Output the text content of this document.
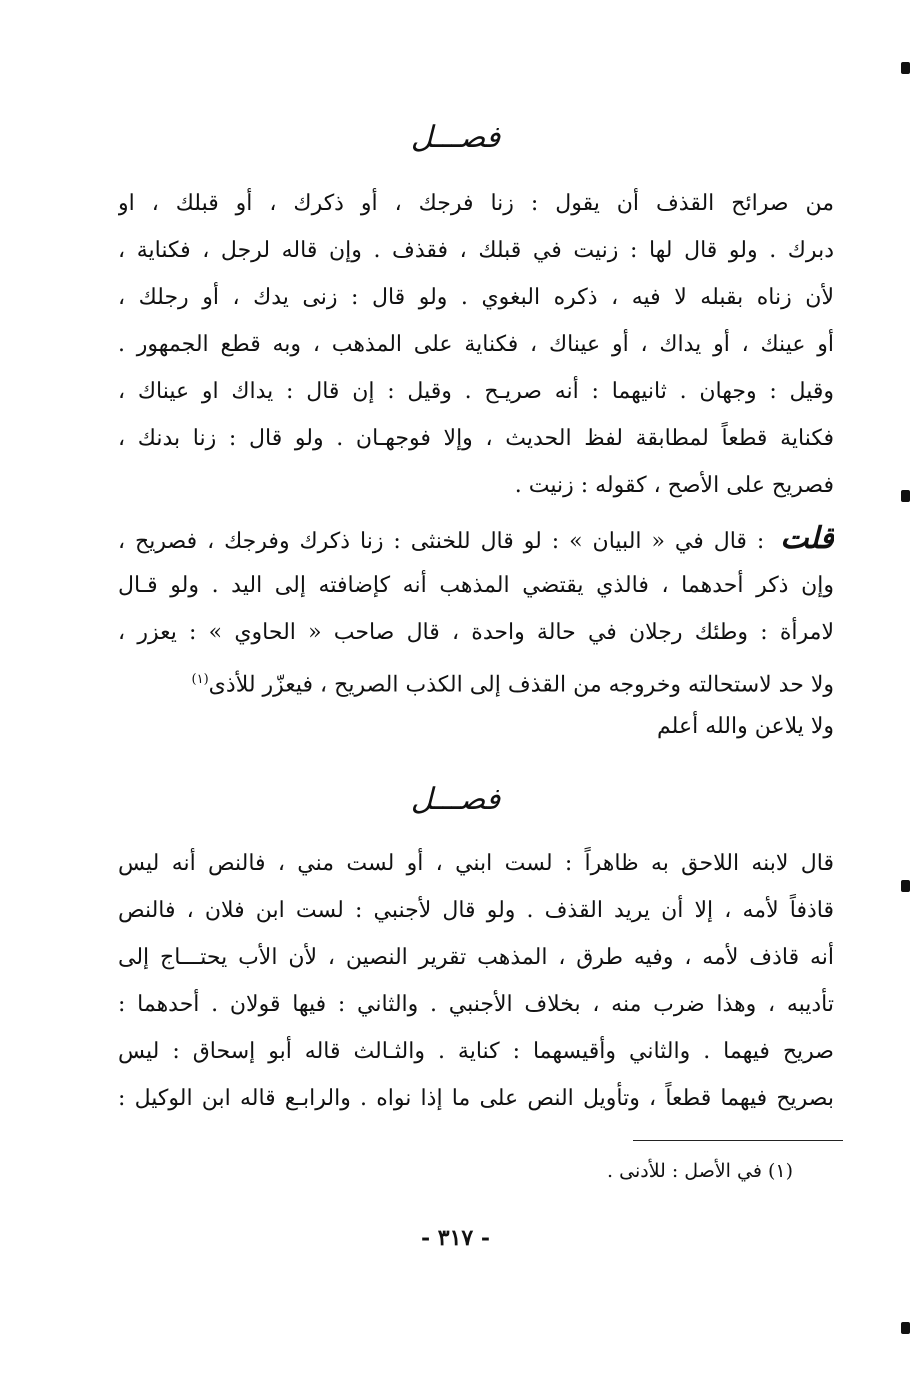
فصـــل
من صرائح القذف أن يقول : زنا فرجك ، أو ذكرك ، أو قبلك ، او
دبرك . ولو قال لها : زنيت في قبلك ، فقذف . وإن قاله لرجل ، فكناية ،
لأن زناه بقبله لا فيه ، ذكره البغوي . ولو قال : زنى يدك ، أو رجلك ،
أو عينك ، أو يداك ، أو عيناك ، فكناية على المذهب ، وبه قطع الجمهور .
وقيل : وجهان . ثانيهما : أنه صريـح . وقيل : إن قال : يداك او عيناك ،
فكناية قطعاً لمطابقة لفظ الحديث ، وإلا فوجهـان . ولو قال : زنا بدنك ،
فصريح على الأصح ، كقوله : زنيت .
قلت : قال في « البيان » : لو قال للخنثى : زنا ذكرك وفرجك ، فصريح ،
وإن ذكر أحدهما ، فالذي يقتضي المذهب أنه كإضافته إلى اليد . ولو قـال
لامرأة : وطئك رجلان في حالة واحدة ، قال صاحب « الحاوي » : يعزر ،
ولا حد لاستحالته وخروجه من القذف إلى الكذب الصريح ، فيعزّر للأذى$^{(١)}$
ولا يلاعن والله أعلم
فصـــل
قال لابنه اللاحق به ظاهراً : لست ابني ، أو لست مني ، فالنص أنه ليس
قاذفاً لأمه ، إلا أن يريد القذف . ولو قال لأجنبي : لست ابن فلان ، فالنص
أنه قاذف لأمه ، وفيه طرق ، المذهب تقرير النصين ، لأن الأب يحتـــاج إلى
تأديبه ، وهذا ضرب منه ، بخلاف الأجنبي . والثاني : فيها قولان . أحدهما :
صريح فيهما . والثاني وأقيسهما : كناية . والثـالث قاله أبو إسحاق : ليس
بصريح فيهما قطعاً ، وتأويل النص على ما إذا نواه . والرابـع قاله ابن الوكيل :
(١) في الأصل : للأدنى .
- ٣١٧ -
